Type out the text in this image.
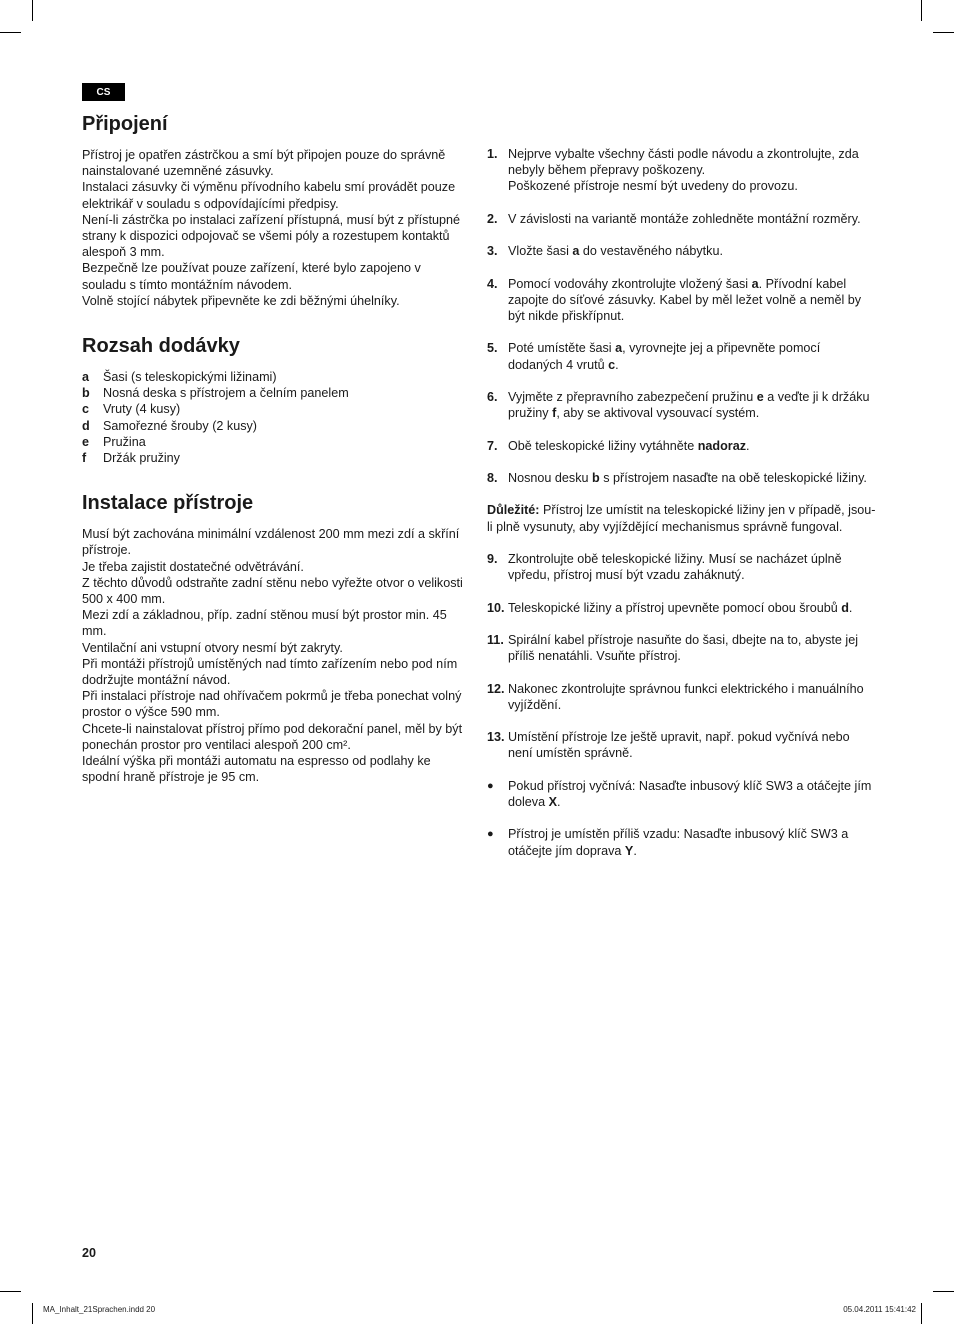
CS
Připojení

Přístroj je opatřen zástrčkou a smí být připojen pouze do správně nainstalované uzemněné zásuvky.

Instalaci zásuvky či výměnu přívodního kabelu smí provádět pouze elektrikář v souladu s odpovídajícími předpisy.

Není-li zástrčka po instalaci zařízení přístupná, musí být z přístupné strany k dispozici odpojovač se všemi póly a rozestupem kontaktů alespoň 3 mm.

Bezpečně lze používat pouze zařízení, které bylo zapojeno v souladu s tímto montážním návodem.

Volně stojící nábytek připevněte ke zdi běžnými úhelníky.

Rozsah dodávky
a	Šasi (s teleskopickými ližinami)
b	Nosná deska s přístrojem a čelním panelem
c	Vruty (4 kusy)
d	Samořezné šrouby (2 kusy)
e	Pružina
f	Držák pružiny
Instalace přístroje

Musí být zachována minimální vzdálenost 200 mm mezi zdí a skříní přístroje.

Je třeba zajistit dostatečné odvětrávání.

Z těchto důvodů odstraňte zadní stěnu nebo vyřežte otvor o velikosti 500 x 400 mm.

Mezi zdí a základnou, příp. zadní stěnou musí být prostor min. 45 mm.

Ventilační ani vstupní otvory nesmí být zakryty.

Při montáži přístrojů umístěných nad tímto zařízením nebo pod ním dodržujte montážní návod.

Při instalaci přístroje nad ohřívačem pokrmů je třeba ponechat volný prostor o výšce 590 mm.

Chcete-li nainstalovat přístroj přímo pod dekorační panel, měl by být ponechán prostor pro ventilaci alespoň 200 cm².

Ideální výška při montáži automatu na espresso od podlahy ke spodní hraně přístroje je 95 cm.

1. Nejprve vybalte všechny části podle návodu a zkontrolujte, zda nebyly během přepravy poškozeny.
Poškozené přístroje nesmí být uvedeny do provozu.
2. V závislosti na variantě montáže zohledněte montážní rozměry.
3. Vložte šasi a do vestavěného nábytku.
4. Pomocí vodováhy zkontrolujte vložený šasi a. Přívodní kabel zapojte do síťové zásuvky. Kabel by měl ležet volně a neměl by být nikde přiskřípnut.
5. Poté umístěte šasi a, vyrovnejte jej a připevněte pomocí dodaných 4 vrutů c.
6. Vyjměte z přepravního zabezpečení pružinu e a veďte ji k držáku pružiny f, aby se aktivoval vysouvací systém.
7. Obě teleskopické ližiny vytáhněte nadoraz.
8. Nosnou desku b s přístrojem nasaďte na obě teleskopické ližiny.

Důležité: Přístroj lze umístit na teleskopické ližiny jen v případě, jsou-li plně vysunuty, aby vyjíždějící mechanismus správně fungoval.

9. Zkontrolujte obě teleskopické ližiny. Musí se nacházet úplně vpředu, přístroj musí být vzadu zaháknutý.
10. Teleskopické ližiny a přístroj upevněte pomocí obou šroubů d.
11. Spirální kabel přístroje nasuňte do šasi, dbejte na to, abyste jej příliš nenatáhli. Vsuňte přístroj.
12. Nakonec zkontrolujte správnou funkci elektrického i manuálního vyjíždění.
13. Umístění přístroje lze ještě upravit, např. pokud vyčnívá nebo není umístěn správně.
●	Pokud přístroj vyčnívá: Nasaďte inbusový klíč SW3 a otáčejte jím doleva X.
●	Přístroj je umístěn příliš vzadu: Nasaďte inbusový klíč SW3 a otáčejte jím doprava Y.
20
MA_Inhalt_21Sprachen.indd 20	05.04.2011 15:41:42
